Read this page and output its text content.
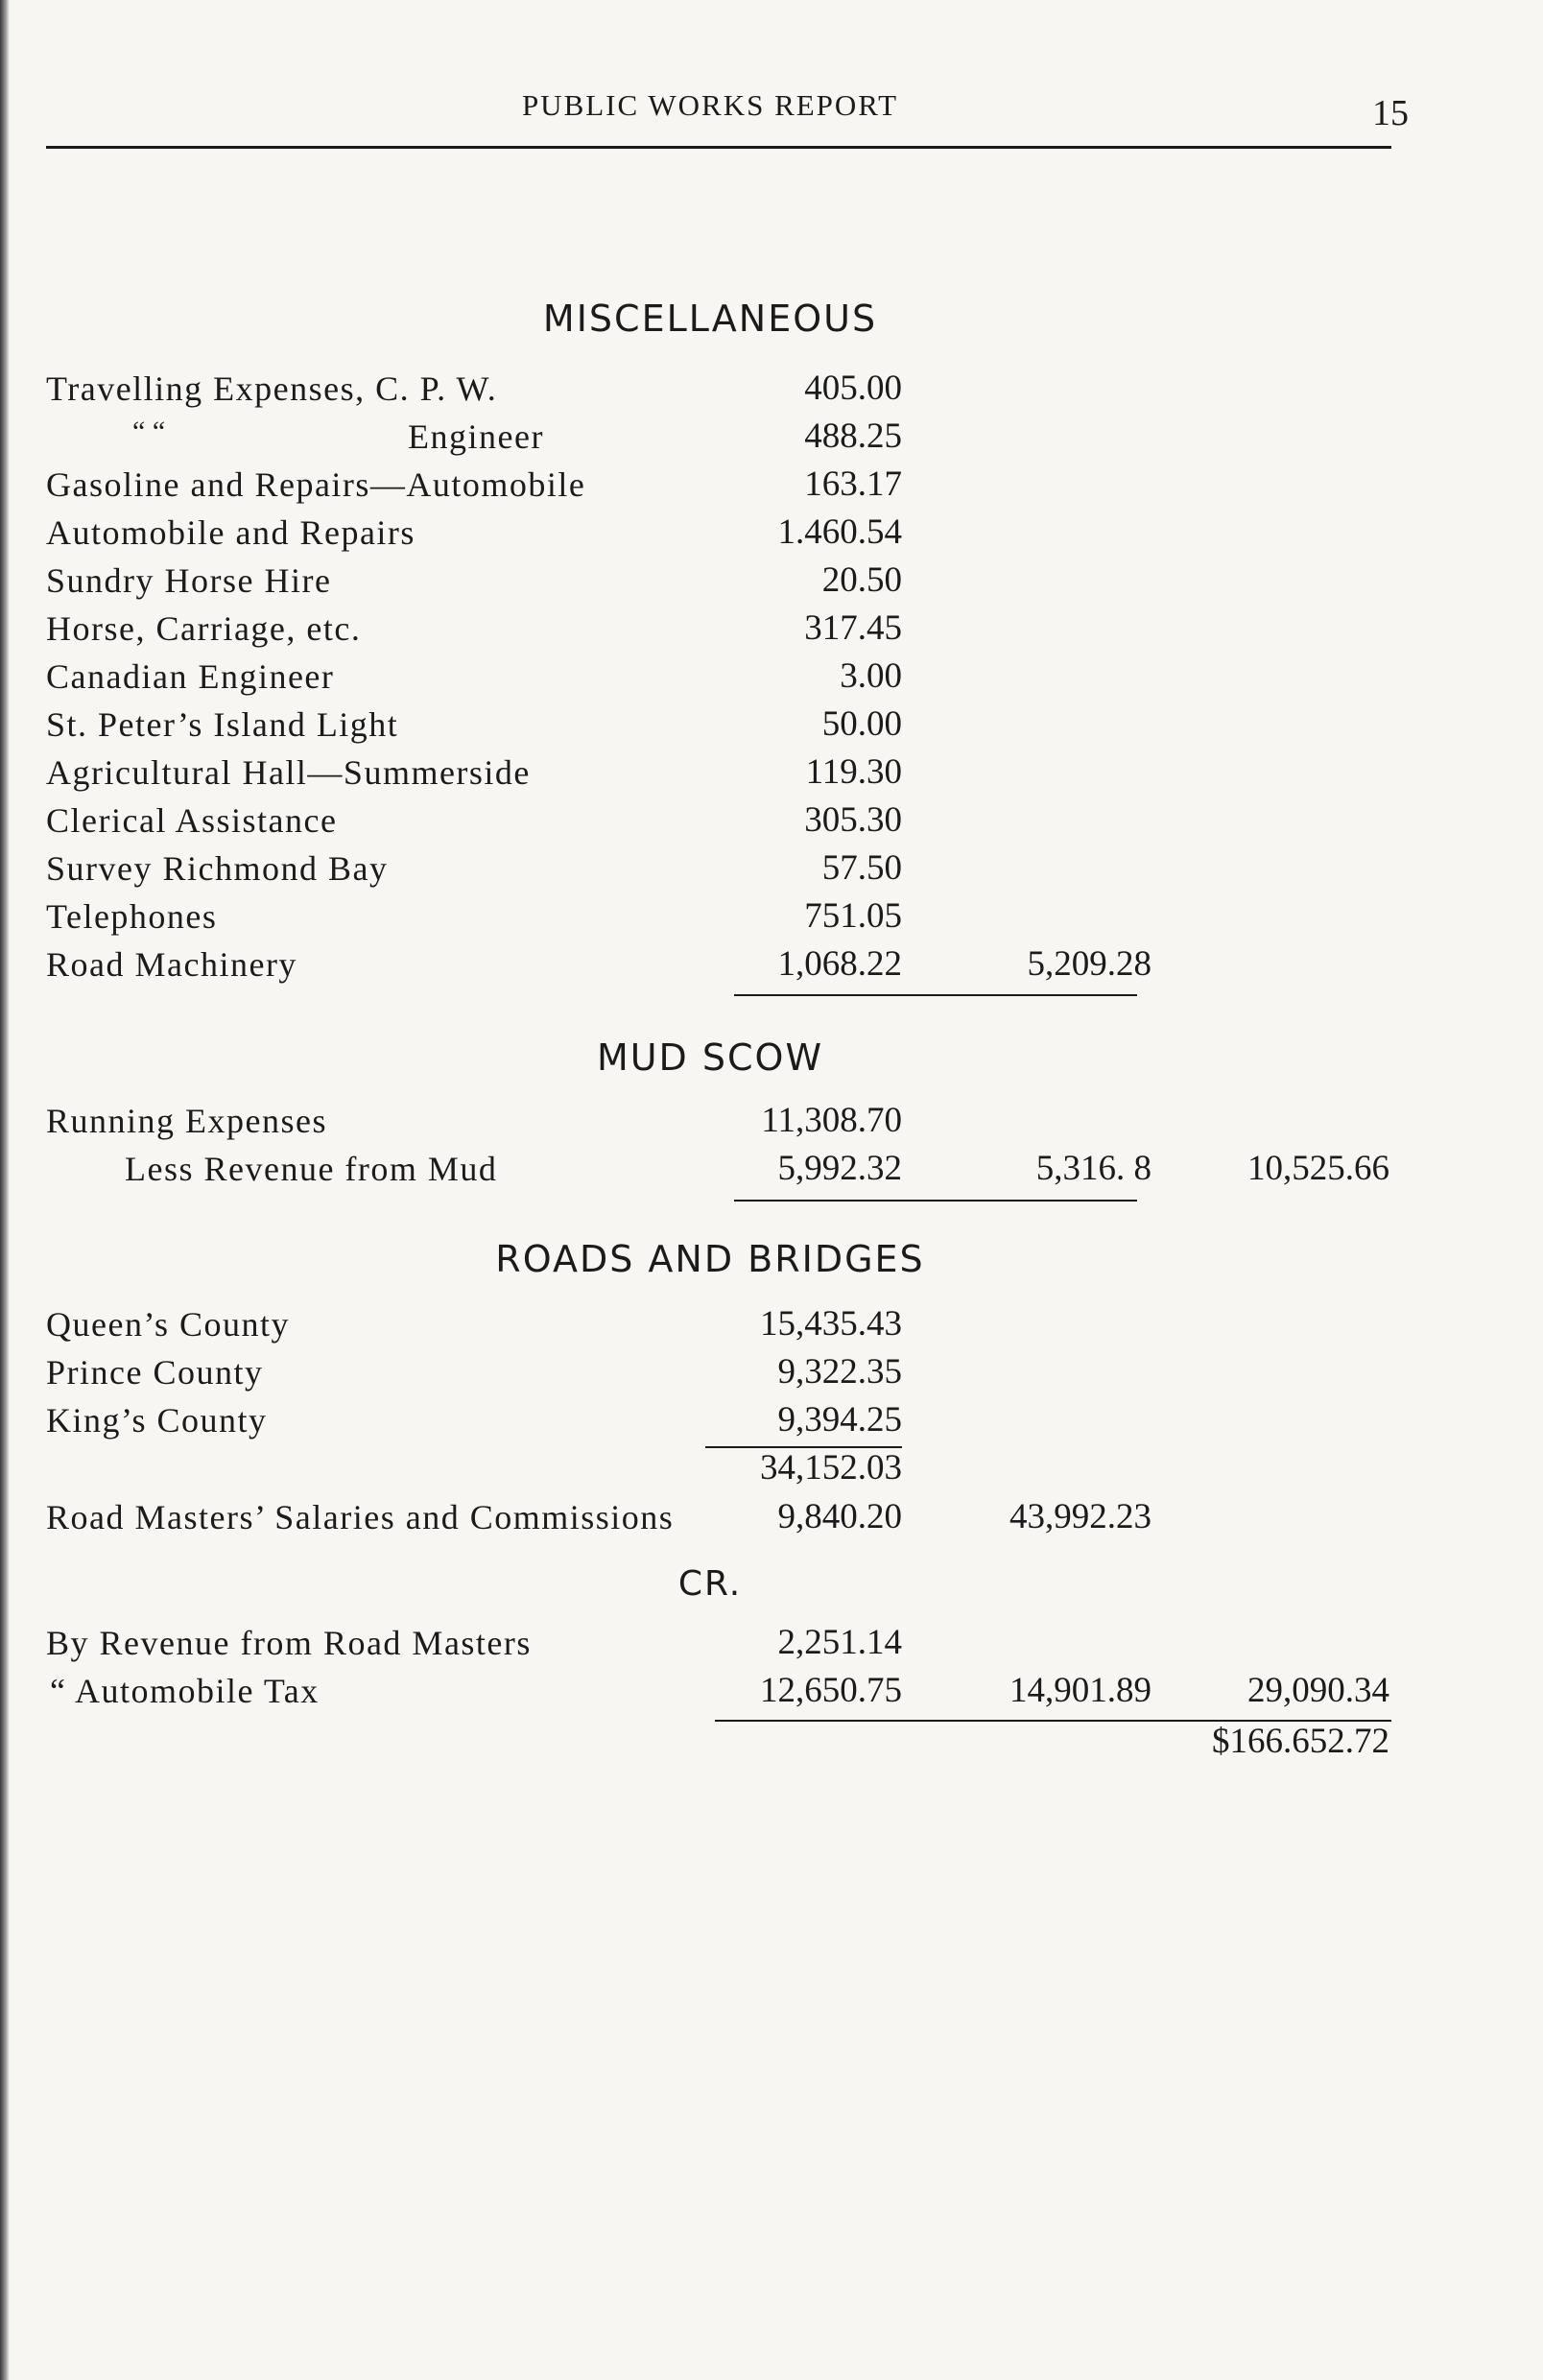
PUBLIC WORKS REPORT	15
MISCELLANEOUS
Travelling Expenses, C. P. W.	405.00
“ “	Engineer	488.25
Gasoline and Repairs—Automobile	163.17
Automobile and Repairs	1.460.54
Sundry Horse Hire	20.50
Horse, Carriage, etc.	317.45
Canadian Engineer	3.00
St. Peter’s Island Light	50.00
Agricultural Hall—Summerside	119.30
Clerical Assistance	305.30
Survey Richmond Bay	57.50
Telephones	751.05
Road Machinery	1,068.22	5,209.28
MUD SCOW
Running Expenses	11,308.70
Less Revenue from Mud	5,992.32	5,316. 8	10,525.66
ROADS AND BRIDGES
Queen’s County	15,435.43
Prince County	9,322.35
King’s County	9,394.25
34,152.03
Road Masters’ Salaries and Commissions	9,840.20	43,992.23
CR.
By Revenue from Road Masters	2,251.14
“ Automobile Tax	12,650.75	14,901.89	29,090.34
$166.652.72
